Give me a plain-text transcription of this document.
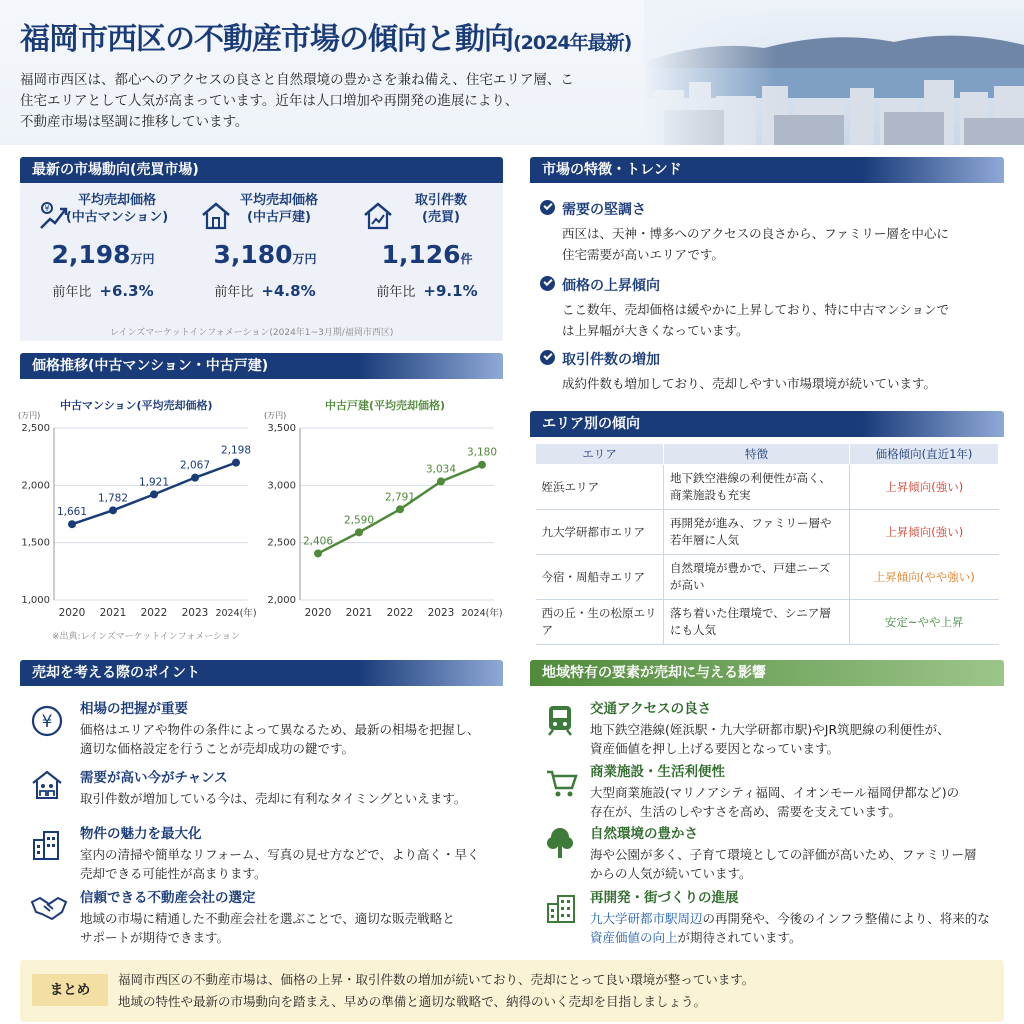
福岡市西区の不動産市場の傾向と動向(2024年最新)
福岡市西区は、都心へのアクセスの良さと自然環境の豊かさを兼ね備え、住宅エリア層、こ
住宅エリアとして人気が高まっています。近年は人口増加や再開発の進展により、
不動産市場は堅調に推移しています。
最新の市場動向(売買市場)
¥
平均売却価格
(中古マンション)
2,198万円
前年比 +6.3%
平均売却価格
(中古戸建)
3,180万円
前年比 +4.8%
取引件数
(売買)
1,126件
前年比 +9.1%
レインズマーケットインフォメーション(2024年1~3月期/福岡市西区)
価格推移(中古マンション・中古戸建)
中古マンション(平均売却価格)	中古戸建(平均売却価格)
(万円)
1,000
1,500
2,000
2,500
1,661
2020
1,782
2021
1,921
2022
2,067
2023
2,198
2024(年)
(万円)
2,000
2,500
3,000
3,500
2,406
2020
2,590
2021
2,791
2022
3,034
2023
3,180
2024(年)
※出典:レインズマーケットインフォメーション
市場の特徴・トレンド
需要の堅調さ
西区は、天神・博多へのアクセスの良さから、ファミリー層を中心に
住宅需要が高いエリアです。
価格の上昇傾向
ここ数年、売却価格は緩やかに上昇しており、特に中古マンションで
は上昇幅が大きくなっています。
取引件数の増加
成約件数も増加しており、売却しやすい市場環境が続いています。
エリア別の傾向
エリア	特徴	価格傾向(直近1年)
姪浜エリア	地下鉄空港線の利便性が高く、
商業施設も充実	上昇傾向(強い)
九大学研都市エリア	再開発が進み、ファミリー層や
若年層に人気	上昇傾向(強い)
今宿・周船寺エリア	自然環境が豊かで、戸建ニーズ
が高い	上昇傾向(やや強い)
西の丘・生の松原エリア	落ち着いた住環境で、シニア層
にも人気	安定~やや上昇
売却を考える際のポイント
¥
相場の把握が重要
価格はエリアや物件の条件によって異なるため、最新の相場を把握し、
適切な価格設定を行うことが売却成功の鍵です。
需要が高い今がチャンス
取引件数が増加している今は、売却に有利なタイミングといえます。
物件の魅力を最大化
室内の清掃や簡単なリフォーム、写真の見せ方などで、より高く・早く
売却できる可能性が高まります。
信頼できる不動産会社の選定
地域の市場に精通した不動産会社を選ぶことで、適切な販売戦略と
サポートが期待できます。
地域特有の要素が売却に与える影響
交通アクセスの良さ
地下鉄空港線(姪浜駅・九大学研都市駅)やJR筑肥線の利便性が、
資産価値を押し上げる要因となっています。
商業施設・生活利便性
大型商業施設(マリノアシティ福岡、イオンモール福岡伊都など)の
存在が、生活のしやすさを高め、需要を支えています。
自然環境の豊かさ
海や公園が多く、子育て環境としての評価が高いため、ファミリー層
からの人気が続いています。
再開発・街づくりの進展
九大学研都市駅周辺の再開発や、今後のインフラ整備により、将来的な
資産価値の向上が期待されています。
まとめ
福岡市西区の不動産市場は、価格の上昇・取引件数の増加が続いており、売却にとって良い環境が整っています。
地域の特性や最新の市場動向を踏まえ、早めの準備と適切な戦略で、納得のいく売却を目指しましょう。
